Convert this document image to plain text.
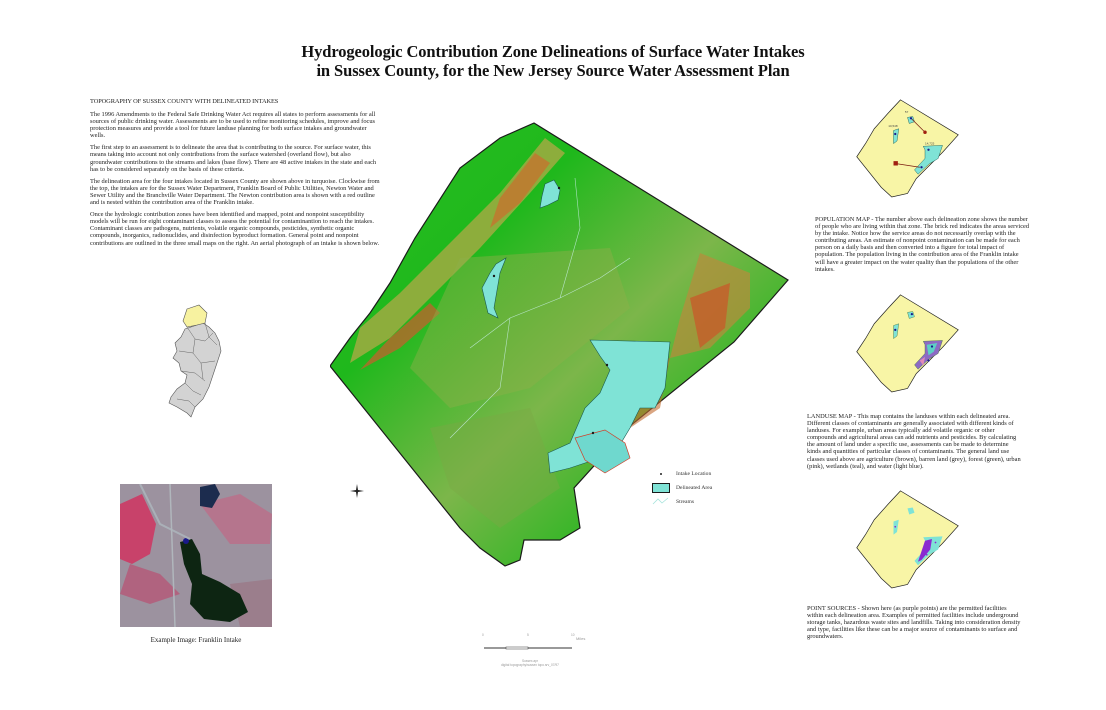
Hydrogeologic Contribution Zone Delineations of Surface Water Intakes
in Sussex County, for the New Jersey Source Water Assessment Plan
TOPOGRAPHY OF SUSSEX COUNTY WITH DELINEATED INTAKES

The 1996 Amendments to the Federal Safe Drinking Water Act requires all states to perform assessments for all sources of public drinking water. Assessments are to be used to refine monitoring schedules, improve and focus protection measures and provide a tool for future landuse planning for both surface intakes and groundwater wells.

The first step to an assessment is to delineate the area that is contributing to the source. For surface water, this means taking into account not only contributions from the surface watershed (overland flow), but also groundwater contributions to the streams and lakes (base flow). There are 48 active intakes in the state and each has to be considered separately on the basis of these criteria.

The delineation area for the four intakes located in Sussex County are shown above in turquoise. Clockwise from the top, the intakes are for the Sussex Water Department, Franklin Board of Public Utilities, Newton Water and Sewer Utility and the Branchville Water Department. The Newton contribution area is shown with a red outline and is nested within the contribution area of the Franklin intake.

Once the hydrologic contribution zones have been identified and mapped, point and nonpoint susceptibility models will be run for eight contaminant classes to assess the potential for contaminantion to reach the intakes. Contaminant classes are pathogens, nutrients, volatile organic compounds, pesticides, synthetic organic compounds, inorganics, radionuclides, and disinfection byproduct formation. General point and nonpoint contributions are outlined in the three small maps on the right. An aerial photograph of an intake is shown below.

Example Image: Franklin Intake
Intake Location
Delineated Area
Streams
0	5	10
Miles
Sussex.apr
digital topography/sussex topo.srv_07/97
57
10,548
14,725
POPULATION MAP - The number above each delineation zone shows the number of people who are living within that zone. The brick red indicates the areas serviced by the intake. Notice how the service areas do not necessarily overlap with the contributing areas. An estimate of nonpoint contamination can be made for each person on a daily basis and then converted into a figure for total impact of population. The population living in the contribution area of the Franklin intake will have a greater impact on the water quality than the populations of the other intakes.
LANDUSE MAP - This map contains the landuses within each delineated area. Different classes of contaminants are generally associated with different kinds of landuses. For example, urban areas typically add volatile organic or other compounds and agricultural areas can add nutrients and pesticides. By calculating the amount of land under a specific use, assessments can be made to determine kinds and quantities of particular classes of contaminants. The general land use classes used above are agriculture (brown), barren land (grey), forest (green), urban (pink), wetlands (teal), and water (light blue).
POINT SOURCES - Shown here (as purple points) are the permitted facilities within each delineation area. Examples of permitted facilities include underground storage tanks, hazardous waste sites and landfills. Taking into consideration density and type, facilities like these can be a major source of contaminants to surface and groundwaters.
